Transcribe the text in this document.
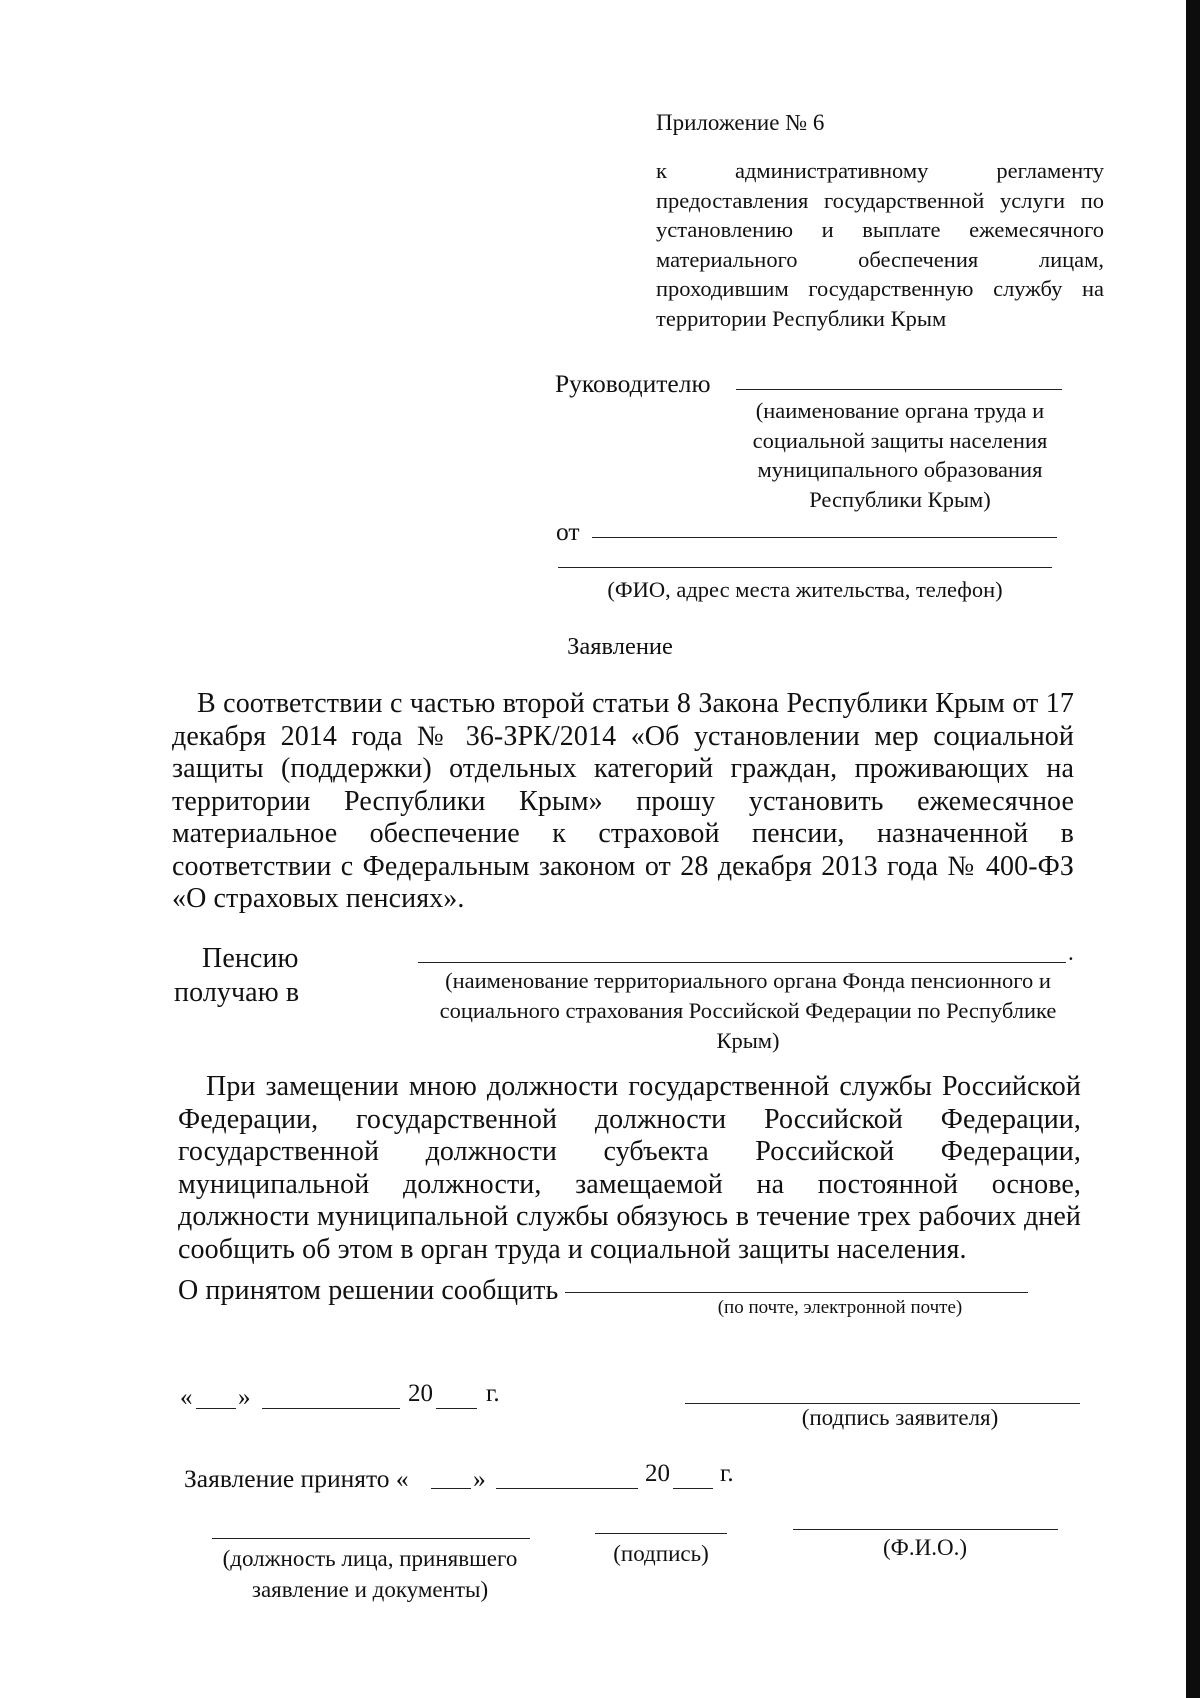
Приложение № 6
к административному регламенту предоставления государственной услуги по установлению и выплате ежемесячного материального обеспечения лицам, проходившим государственную службу на территории Республики Крым
Руководителю
(наименование органа труда и социальной защиты населения муниципального образования Республики Крым)
от
(ФИО, адрес места жительства, телефон)
Заявление

В соответствии с частью второй статьи 8 Закона Республики Крым от 17 декабря 2014 года № 36-ЗРК/2014 «Об установлении мер социальной защиты (поддержки) отдельных категорий граждан, проживающих на территории Республики Крым» прошу установить ежемесячное материальное обеспечение к страховой пенсии, назначенной в соответствии с Федеральным законом от 28 декабря 2013 года № 400-ФЗ «О страховых пенсиях».

Пенсию
получаю в
.
(наименование территориального органа Фонда пенсионного и социального страхования Российской Федерации по Республике Крым)

При замещении мною должности государственной службы Российской Федерации, государственной должности Российской Федерации, государственной должности субъекта Российской Федерации, муниципальной должности, замещаемой на постоянной основе, должности муниципальной службы обязуюсь в течение трех рабочих дней сообщить об этом в орган труда и социальной защиты населения.

О принятом решении сообщить
(по почте, электронной почте)
« »	20 г.
(подпись заявителя)
Заявление принято «	»	20 г.
(должность лица, принявшего заявление и документы)
(подпись)	(Ф.И.О.)
